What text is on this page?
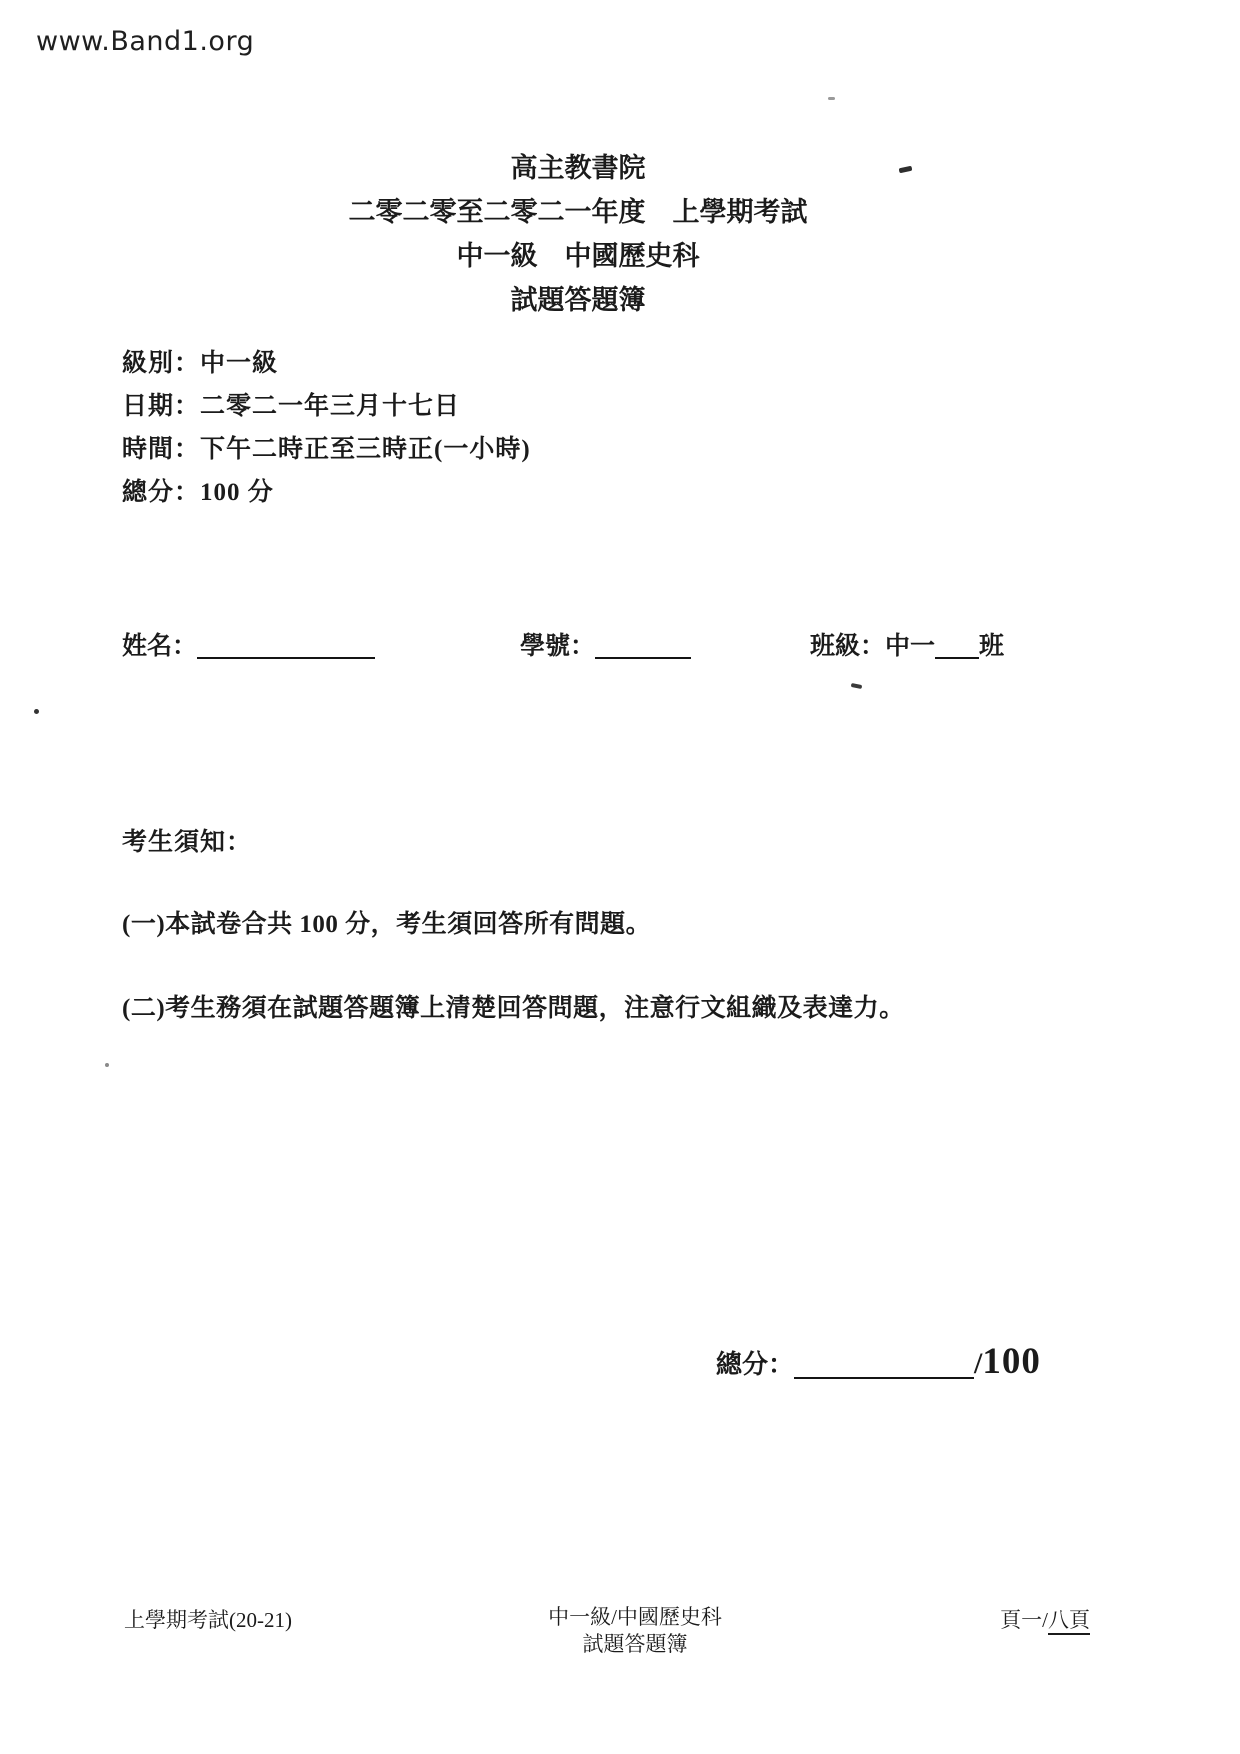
www.Band1.org
高主教書院
二零二零至二零二一年度　上學期考試
中一級　中國歷史科
試題答題簿
級別：中一級
日期：二零二一年三月十七日
時間：下午二時正至三時正(一小時)
總分：100 分
姓名：	學號：	班級：中一 班
考生須知：
(一)本試卷合共 100 分，考生須回答所有問題。
(二)考生務須在試題答題簿上清楚回答問題，注意行文組織及表達力。
總分：	/100
上學期考試(20-21)	中一級/中國歷史科
試題答題簿
頁一/八頁
